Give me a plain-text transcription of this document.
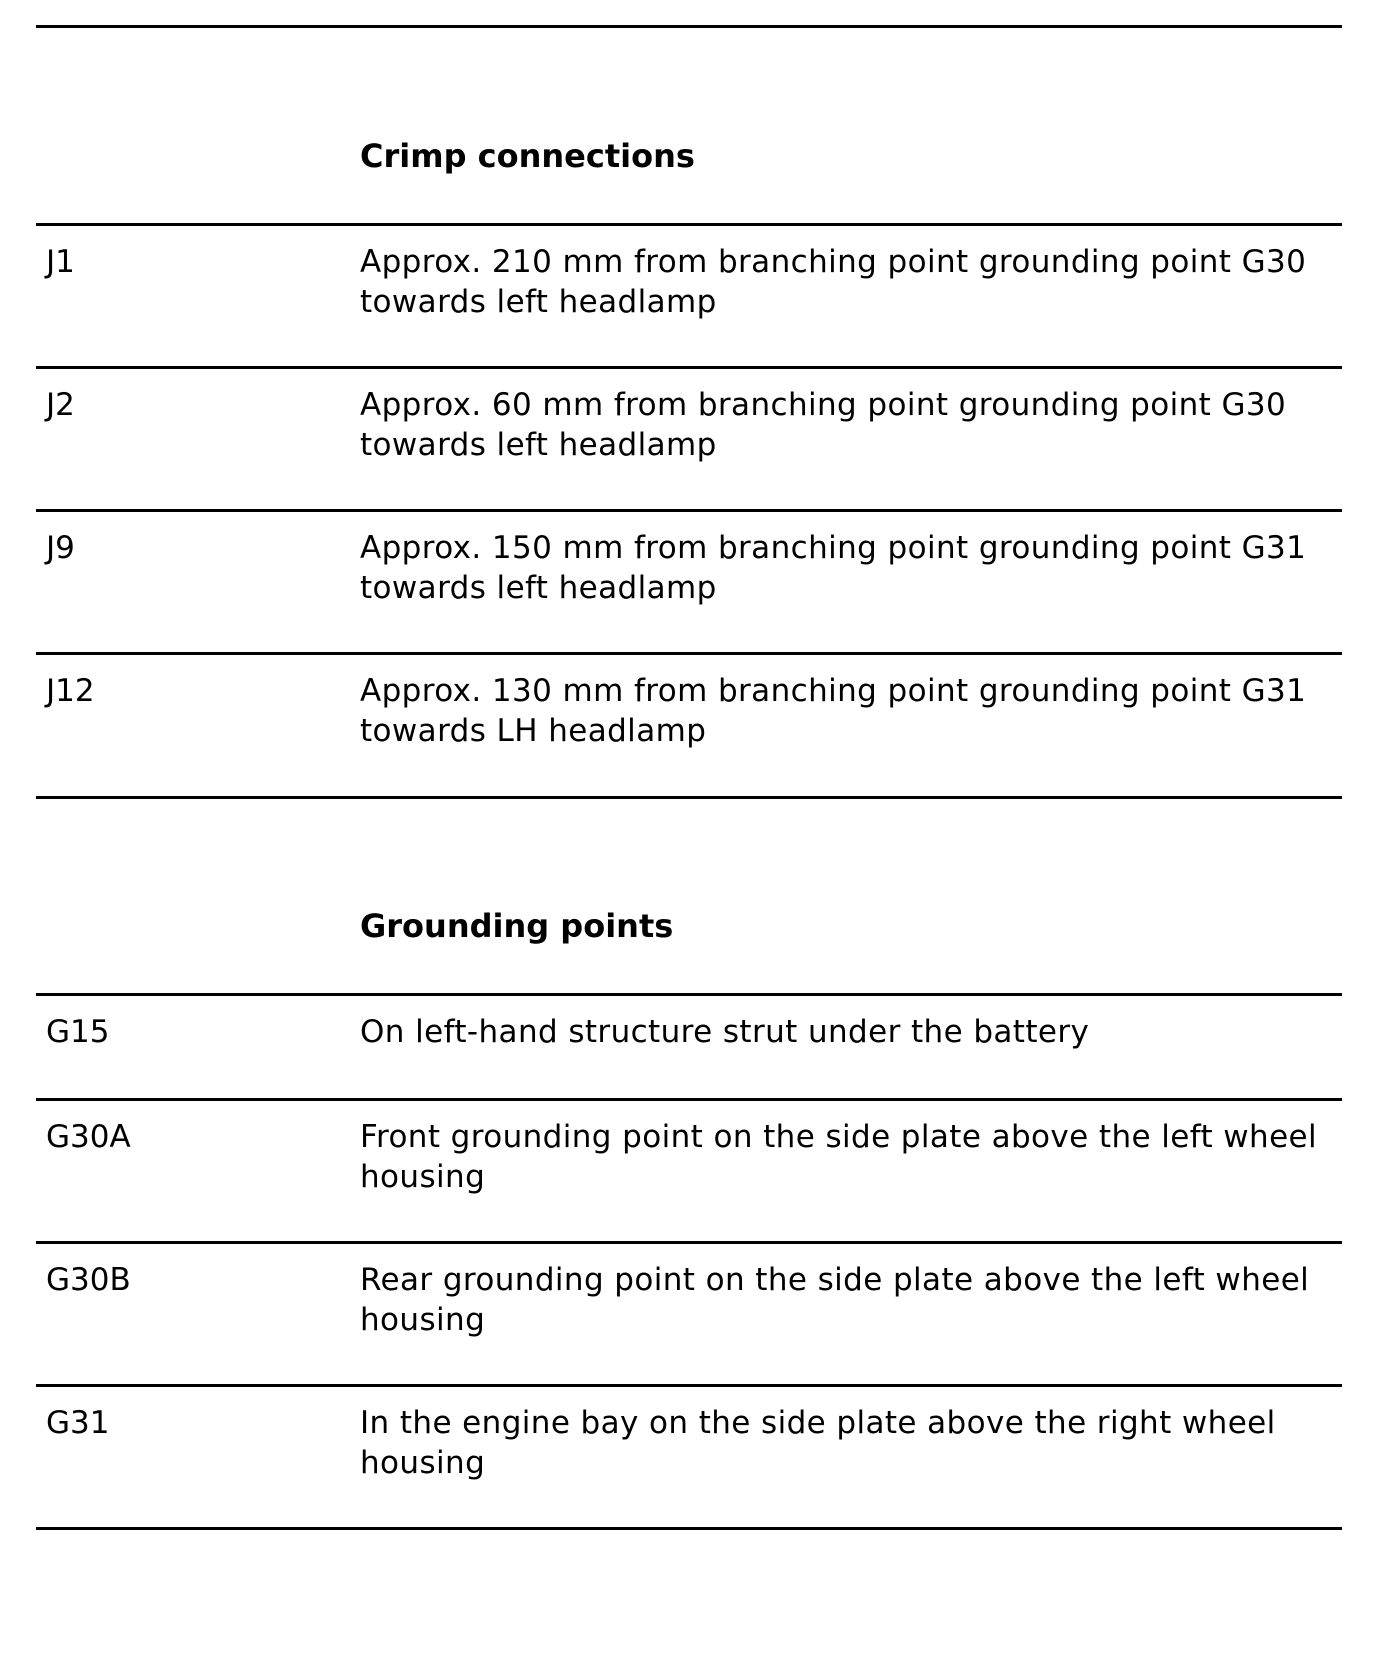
Crimp connections
J1	Approx. 210 mm from branching point grounding point G30 towards left headlamp
J2	Approx. 60 mm from branching point grounding point G30 towards left headlamp
J9	Approx. 150 mm from branching point grounding point G31 towards left headlamp
J12	Approx. 130 mm from branching point grounding point G31 towards LH headlamp
Grounding points
G15	On left-hand structure strut under the battery
G30A	Front grounding point on the side plate above the left wheel housing
G30B	Rear grounding point on the side plate above the left wheel housing
G31	In the engine bay on the side plate above the right wheel housing
